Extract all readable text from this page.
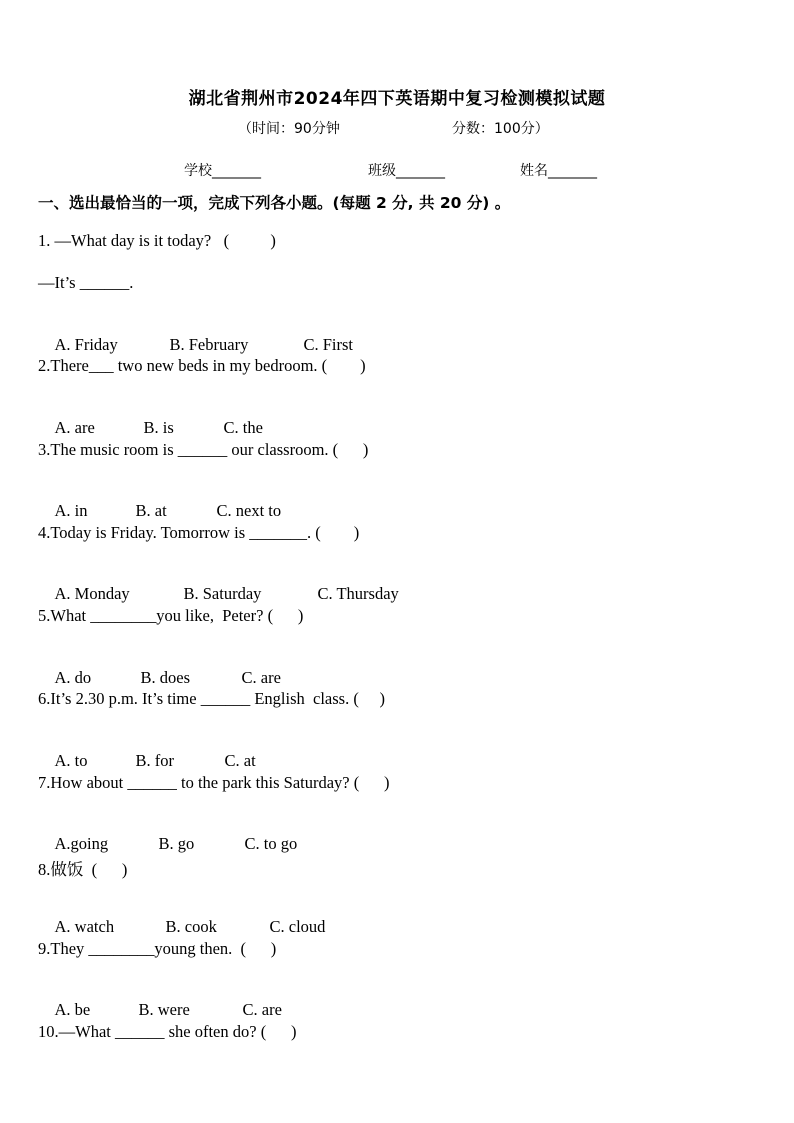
湖北省荆州市2024年四下英语期中复习检测模拟试题
（时间：90分钟	分数：100分）
学校_______	班级_______	姓名_______
一、选出最恰当的一项，完成下列各小题。(每题 2 分, 共 20 分) 。
1. —What day is it today?   (          )
—It’s ______.

A. Friday	B. February	C. First

2.There___ two new beds in my bedroom. (        )

A. are	B. is	C. the

3.The music room is ______ our classroom. (      )

A. in	B. at	C. next to

4.Today is Friday. Tomorrow is _______. (        )

A. Monday	B. Saturday	C. Thursday

5.What ________you like,  Peter? (      )

A. do	B. does	C. are

6.It’s 2.30 p.m. It’s time ______ English  class. (     )

A. to	B. for	C. at

7.How about ______ to the park this Saturday? (      )

A.going	B. go	C. to go

8.做饭  (      )

A. watch	B. cook	C. cloud

9.They ________young then.  (      )

A. be	B. were	C. are

10.—What ______ she often do? (      )
